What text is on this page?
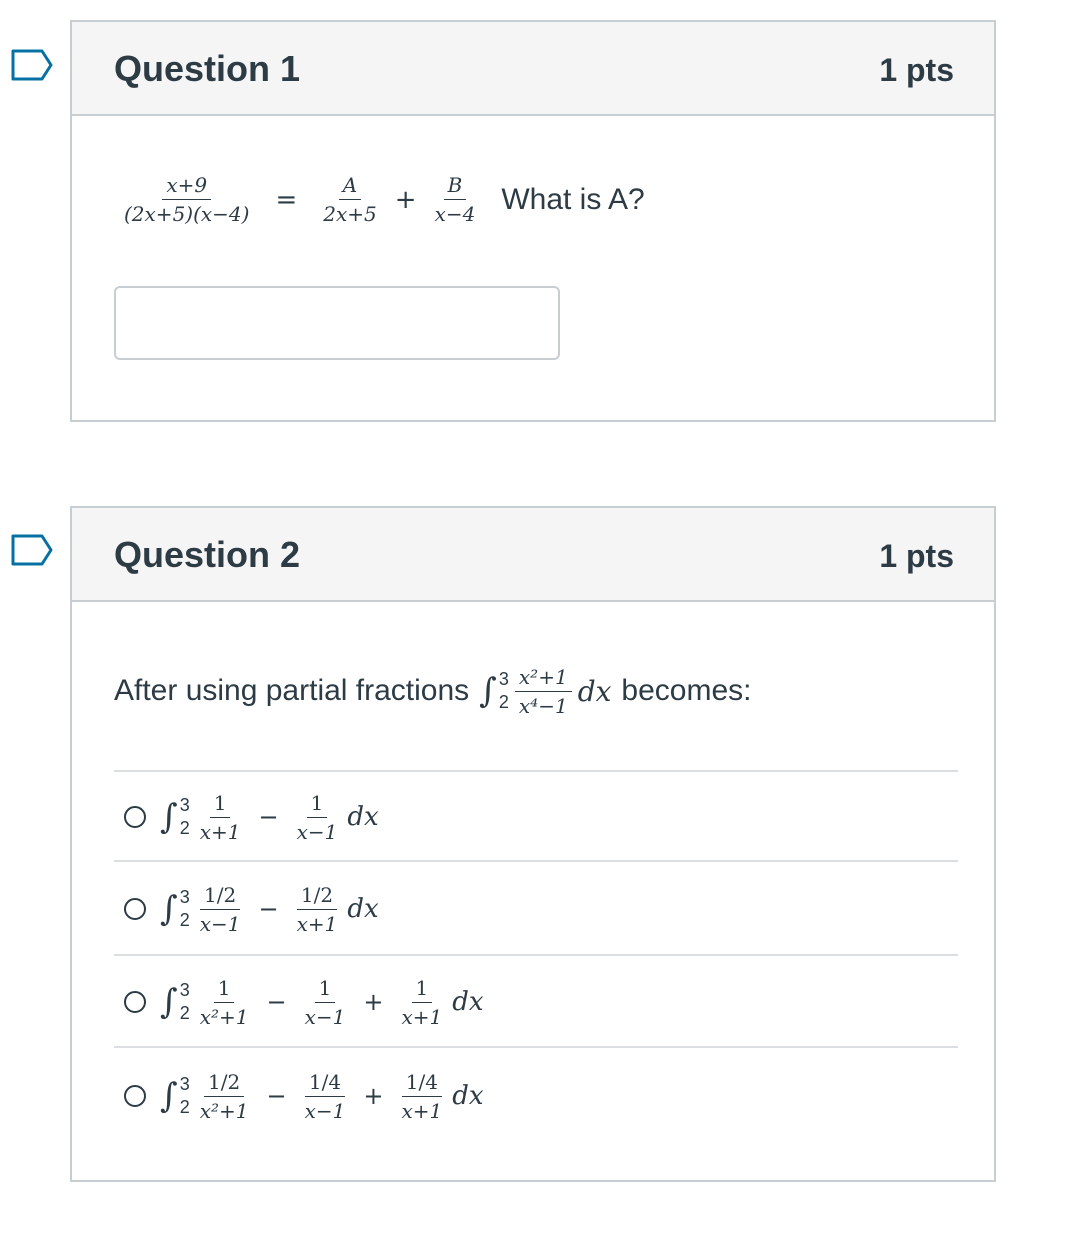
Question 1	1 pts
$\frac{x+9}{(2x+5)(x-4)} = \frac{A}{2x+5} + \frac{B}{x-4}$ What is A?
Question 2	1 pts
After using partial fractions ∫ 3
$2 \frac{\text{x²+1}}{\text{x⁴−1}}$ dx becomes:
∫ 3
$2 \frac{1}{x+1} - \frac{1}{x-1}$ dx
∫ 3
$2 \frac{1/2}{x-1} - \frac{1/2}{x+1}$ dx
∫ 3
$2 \frac{1}{\text{x²+1}} - \frac{1}{x-1} + \frac{1}{x+1}$ dx
∫ 3
$2 \frac{1/2}{\text{x²+1}} - \frac{1/4}{x-1} + \frac{1/4}{x+1}$ dx
